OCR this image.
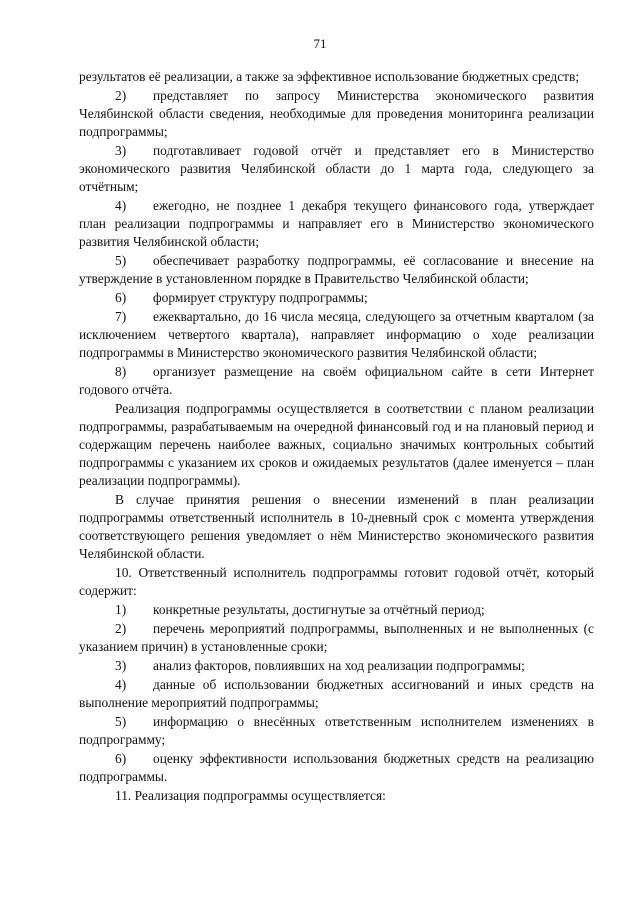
71

результатов её реализации, а также за эффективное использование бюджетных средств;

2) представляет по запросу Министерства экономического развития Челябинской области сведения, необходимые для проведения мониторинга реализации подпрограммы;

3) подготавливает годовой отчёт и представляет его в Министерство экономического развития Челябинской области до 1 марта года, следующего за отчётным;

4) ежегодно, не позднее 1 декабря текущего финансового года, утверждает план реализации подпрограммы и направляет его в Министерство экономического развития Челябинской области;

5) обеспечивает разработку подпрограммы, её согласование и внесение на утверждение в установленном порядке в Правительство Челябинской области;

6) формирует структуру подпрограммы;

7) ежеквартально, до 16 числа месяца, следующего за отчетным кварталом (за исключением четвертого квартала), направляет информацию о ходе реализации подпрограммы в Министерство экономического развития Челябинской области;

8) организует размещение на своём официальном сайте в сети Интернет годового отчёта.

Реализация подпрограммы осуществляется в соответствии с планом реализации подпрограммы, разрабатываемым на очередной финансовый год и на плановый период и содержащим перечень наиболее важных, социально значимых контрольных событий подпрограммы с указанием их сроков и ожидаемых результатов (далее именуется – план реализации подпрограммы).

В случае принятия решения о внесении изменений в план реализации подпрограммы ответственный исполнитель в 10-дневный срок с момента утверждения соответствующего решения уведомляет о нём Министерство экономического развития Челябинской области.

10. Ответственный исполнитель подпрограммы готовит годовой отчёт, который содержит:

1) конкретные результаты, достигнутые за отчётный период;

2) перечень мероприятий подпрограммы, выполненных и не выполненных (с указанием причин) в установленные сроки;

3) анализ факторов, повлиявших на ход реализации подпрограммы;

4) данные об использовании бюджетных ассигнований и иных средств на выполнение мероприятий подпрограммы;

5) информацию о внесённых ответственным исполнителем изменениях в подпрограмму;

6) оценку эффективности использования бюджетных средств на реализацию подпрограммы.

11. Реализация подпрограммы осуществляется:
